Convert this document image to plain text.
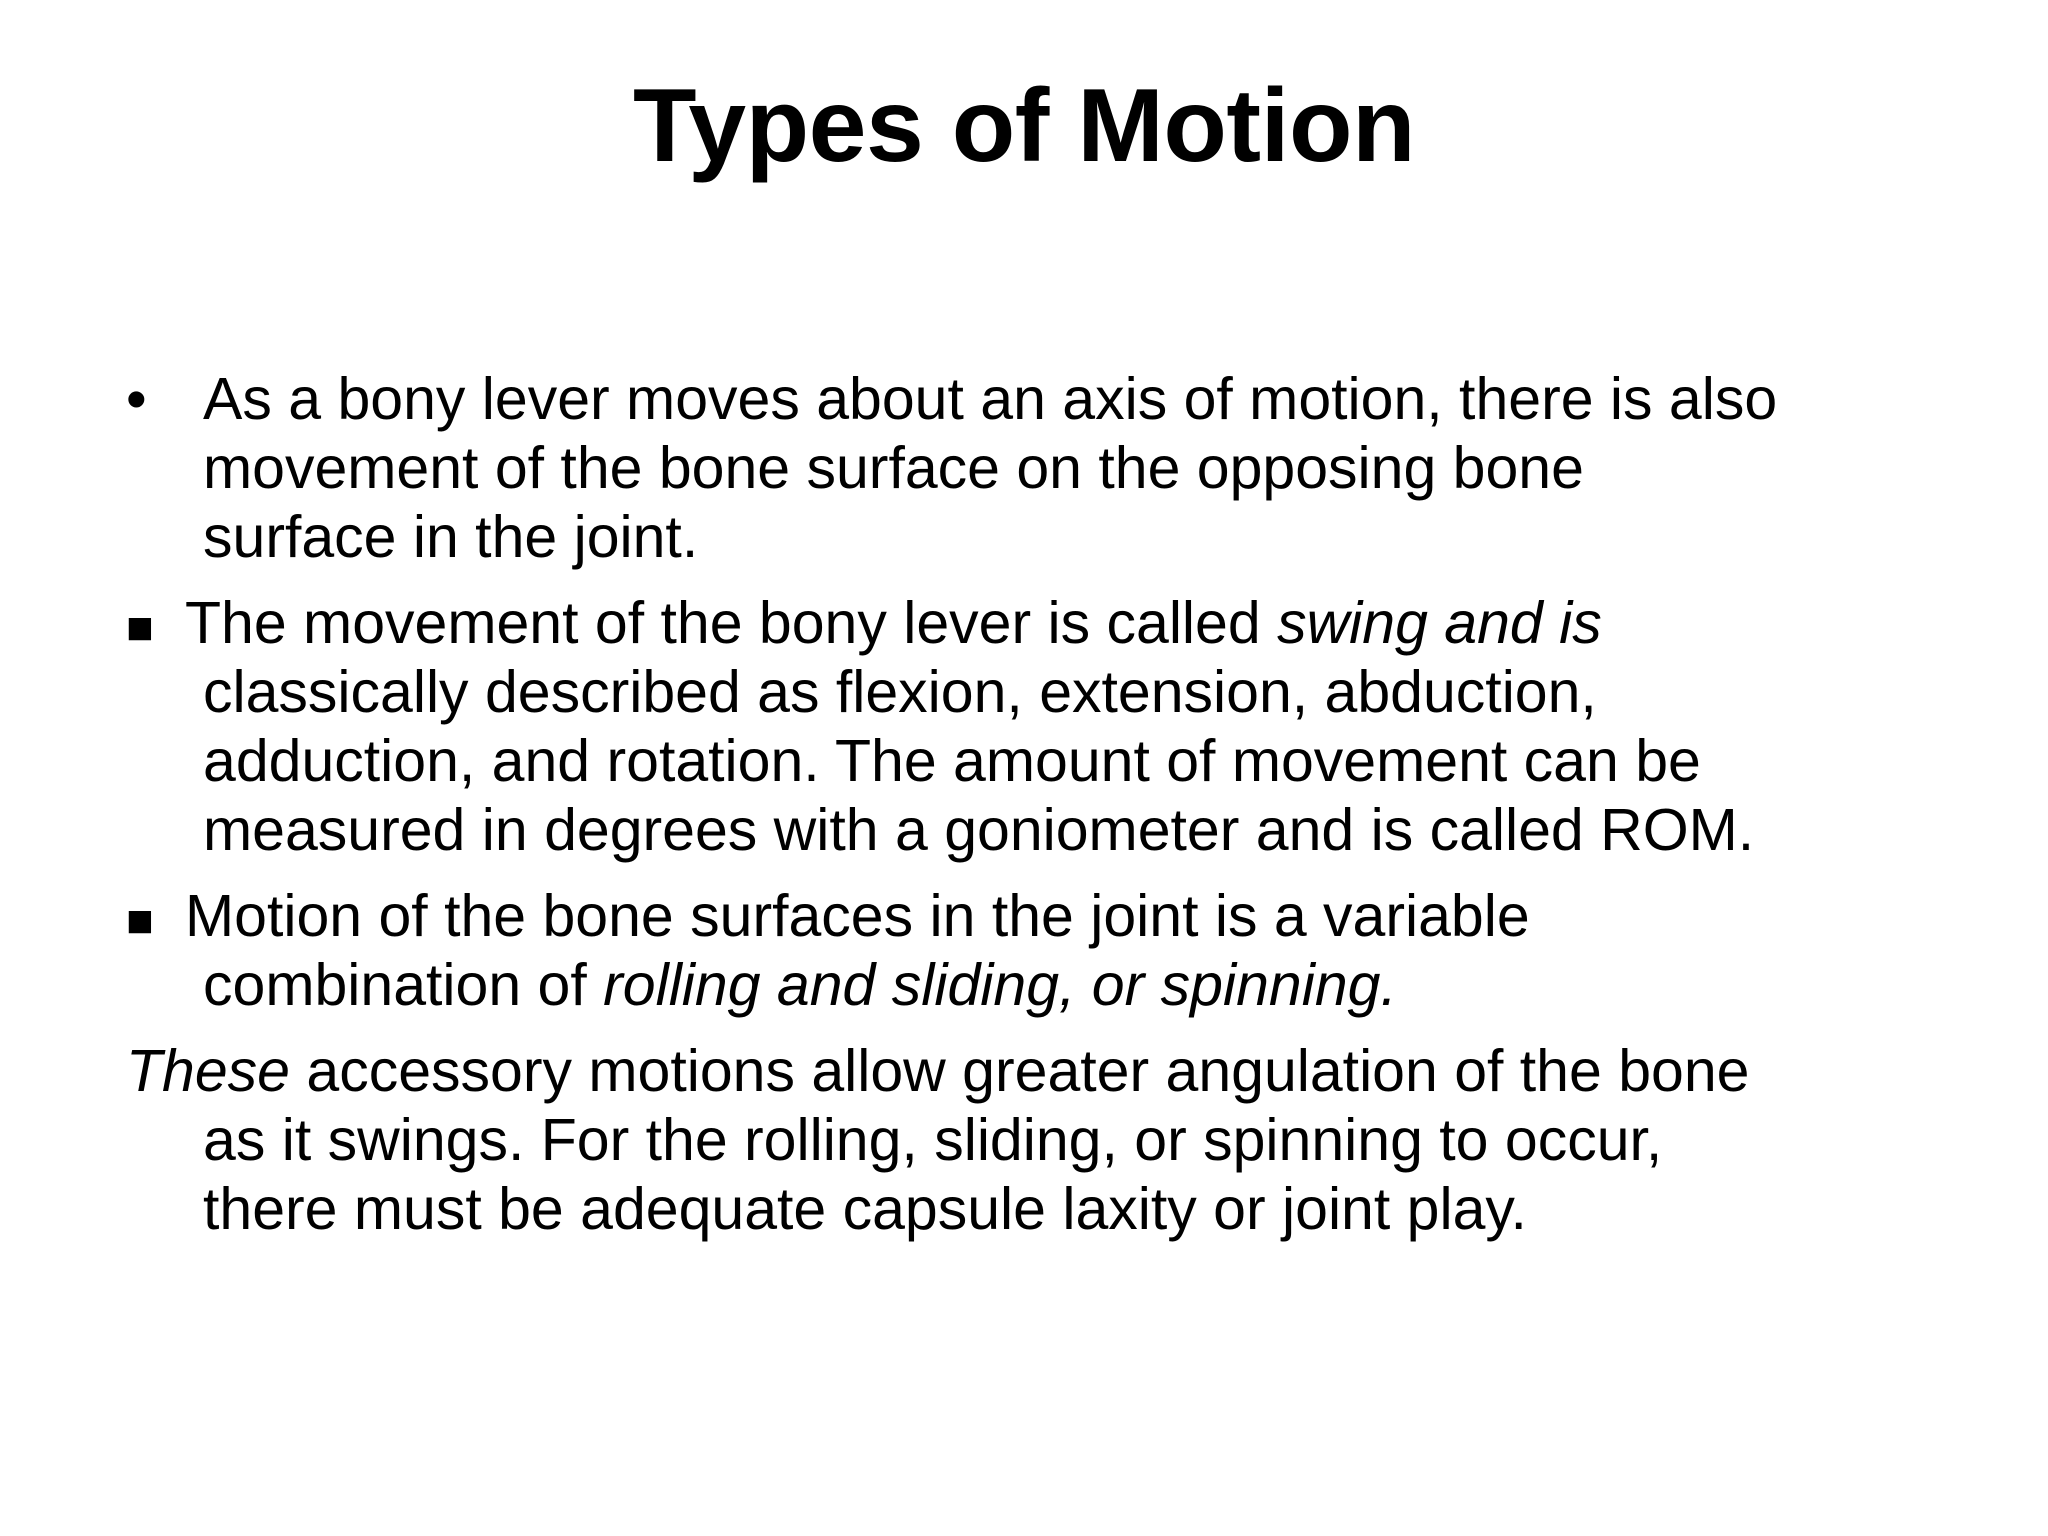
Types of Motion
• As a bony lever moves about an axis of motion, there is also
movement of the bone surface on the opposing bone
surface in the joint.
■ The movement of the bony lever is called swing and is
classically described as flexion, extension, abduction,
adduction, and rotation. The amount of movement can be
measured in degrees with a goniometer and is called ROM.
■ Motion of the bone surfaces in the joint is a variable
combination of rolling and sliding, or spinning.
These accessory motions allow greater angulation of the bone
as it swings. For the rolling, sliding, or spinning to occur,
there must be adequate capsule laxity or joint play.
